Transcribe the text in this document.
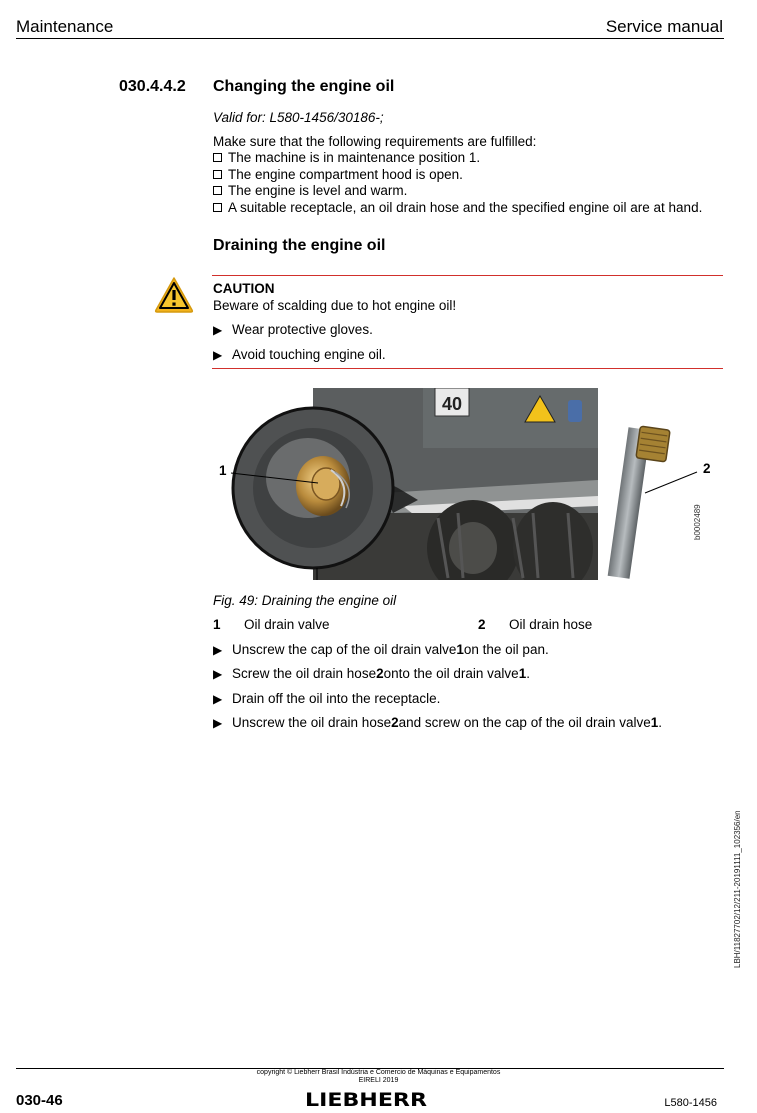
Maintenance	Service manual
030.4.4.2 Changing the engine oil
Valid for: L580-1456/30186-;
Make sure that the following requirements are fulfilled:
The machine is in maintenance position 1.
The engine compartment hood is open.
The engine is level and warm.
A suitable receptacle, an oil drain hose and the specified engine oil are at hand.
Draining the engine oil
CAUTION
Beware of scalding due to hot engine oil!
▶ Wear protective gloves.
▶ Avoid touching engine oil.
40
1	2
b0002489
Fig. 49: Draining the engine oil
1 Oil drain valve	2 Oil drain hose
▶ Unscrew the cap of the oil drain valve 1 on the oil pan.
▶ Screw the oil drain hose 2 onto the oil drain valve 1 .
▶ Drain off the oil into the receptacle.
▶ Unscrew the oil drain hose 2 and screw on the cap of the oil drain valve 1 .
LBH/11827702/12/211-20191111_102356/en
copyright © Liebherr Brasil Indústria e Comercio de Máquinas e Equipamentos
EIRELI 2019
030-46	LIEBHERR	L580-1456
